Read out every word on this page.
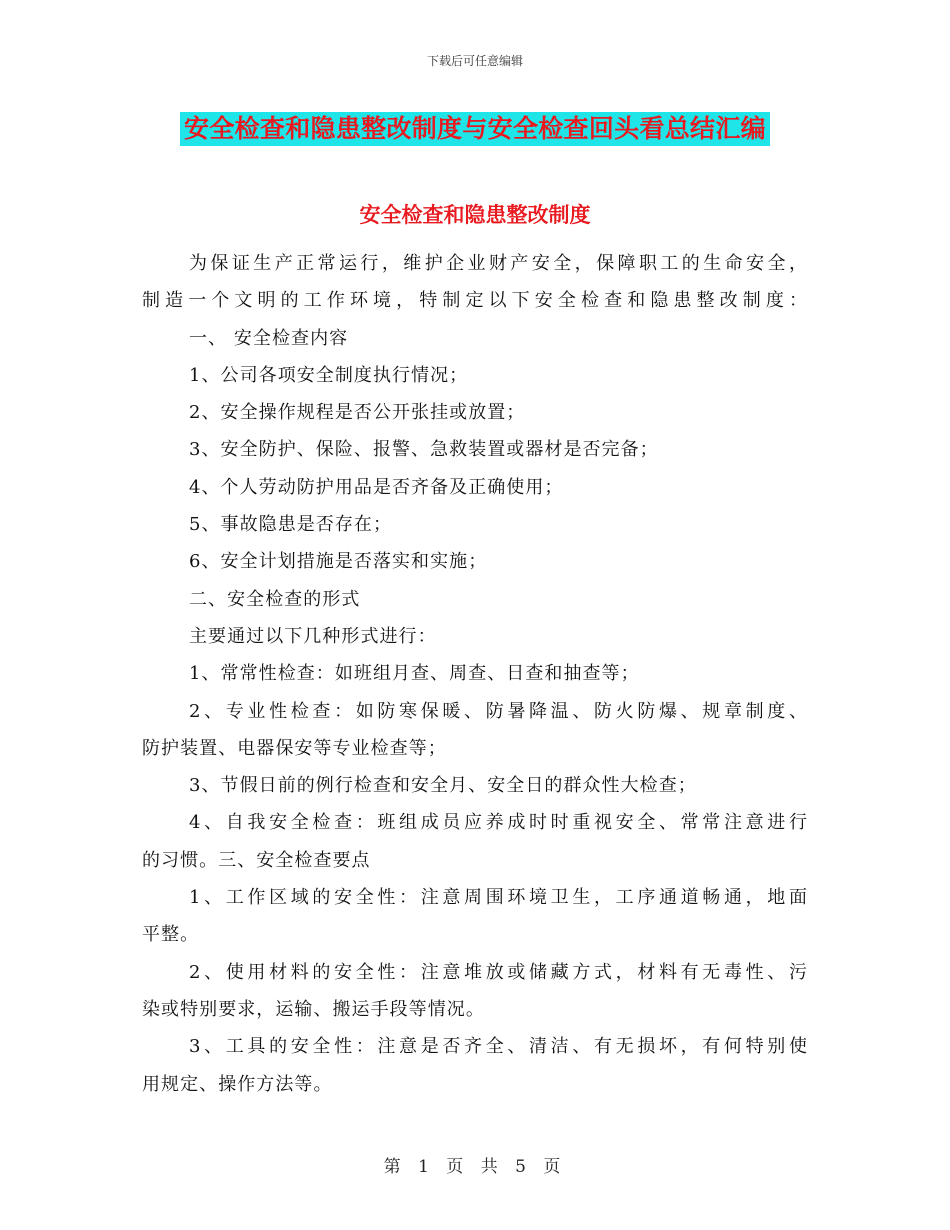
下载后可任意编辑
安全检查和隐患整改制度与安全检查回头看总结汇编
安全检查和隐患整改制度
为保证生产正常运行，维护企业财产安全，保障职工的生命安全，
制造一个文明的工作环境，特制定以下安全检查和隐患整改制度：
一、 安全检查内容
1、公司各项安全制度执行情况；
2、安全操作规程是否公开张挂或放置；
3、安全防护、保险、报警、急救装置或器材是否完备；
4、个人劳动防护用品是否齐备及正确使用；
5、事故隐患是否存在；
6、安全计划措施是否落实和实施；
二、安全检查的形式
主要通过以下几种形式进行：
1、常常性检查：如班组月查、周查、日查和抽查等；
2、专业性检查：如防寒保暖、防暑降温、防火防爆、规章制度、
防护装置、电器保安等专业检查等；
3、节假日前的例行检查和安全月、安全日的群众性大检查；
4、自我安全检查：班组成员应养成时时重视安全、常常注意进行
的习惯。三、安全检查要点
1、工作区域的安全性：注意周围环境卫生，工序通道畅通，地面
平整。
2、使用材料的安全性：注意堆放或储藏方式，材料有无毒性、污
染或特别要求，运输、搬运手段等情况。
3、工具的安全性：注意是否齐全、清洁、有无损坏，有何特别使
用规定、操作方法等。
第 1 页 共 5 页
